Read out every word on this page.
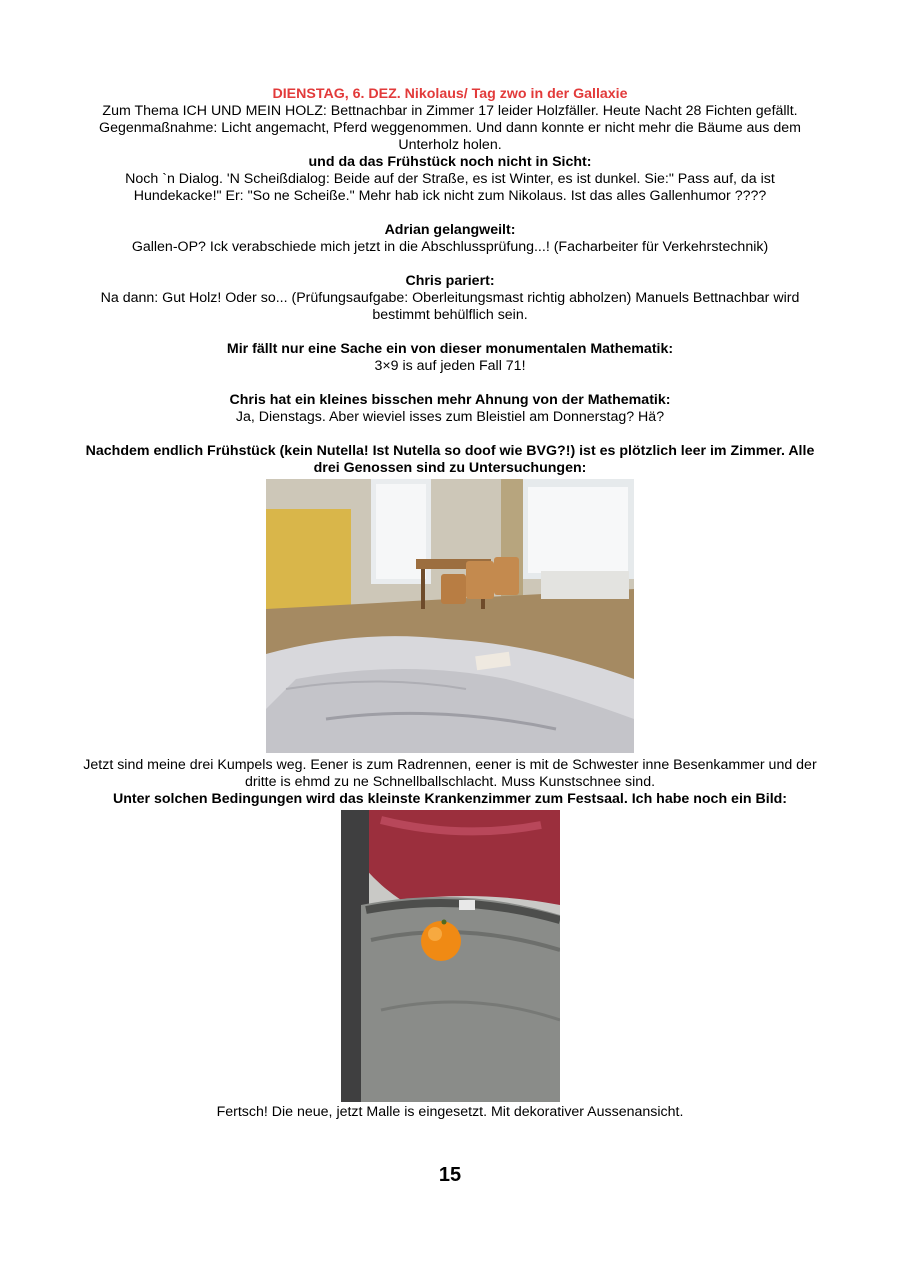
DIENSTAG, 6. DEZ. Nikolaus/ Tag zwo in der Gallaxie

Zum Thema ICH UND MEIN HOLZ: Bettnachbar in Zimmer 17 leider Holzfäller. Heute Nacht 28 Fichten gefällt. Gegenmaßnahme: Licht angemacht, Pferd weggenommen. Und dann konnte er nicht mehr die Bäume aus dem Unterholz holen.

und da das Frühstück noch nicht in Sicht:

Noch `n Dialog. 'N Scheißdialog: Beide auf der Straße, es ist Winter, es ist dunkel. Sie:" Pass auf, da ist Hundekacke!" Er: "So ne Scheiße." Mehr hab ick nicht zum Nikolaus. Ist das alles Gallenhumor ????

Adrian gelangweilt:

Gallen-OP? Ick verabschiede mich jetzt in die Abschlussprüfung...! (Facharbeiter für Verkehrstechnik)

Chris pariert:

Na dann: Gut Holz! Oder so... (Prüfungsaufgabe: Oberleitungsmast richtig abholzen) Manuels Bettnachbar wird bestimmt behülflich sein.

Mir fällt nur eine Sache ein von dieser monumentalen Mathematik:

3×9 is auf jeden Fall 71!

Chris hat ein kleines bisschen mehr Ahnung von der Mathematik:

Ja, Dienstags. Aber wieviel isses zum Bleistiel am Donnerstag? Hä?

Nachdem endlich Frühstück (kein Nutella! Ist Nutella so doof wie BVG?!) ist es plötzlich leer im Zimmer. Alle drei Genossen sind zu Untersuchungen:

Jetzt sind meine drei Kumpels weg. Eener is zum Radrennen, eener is mit de Schwester inne Besenkammer und der dritte is ehmd zu ne Schnellballschlacht. Muss Kunstschnee sind.

Unter solchen Bedingungen wird das kleinste Krankenzimmer zum Festsaal. Ich habe noch ein Bild:

Fertsch! Die neue, jetzt Malle is eingesetzt. Mit dekorativer Aussenansicht.

15
